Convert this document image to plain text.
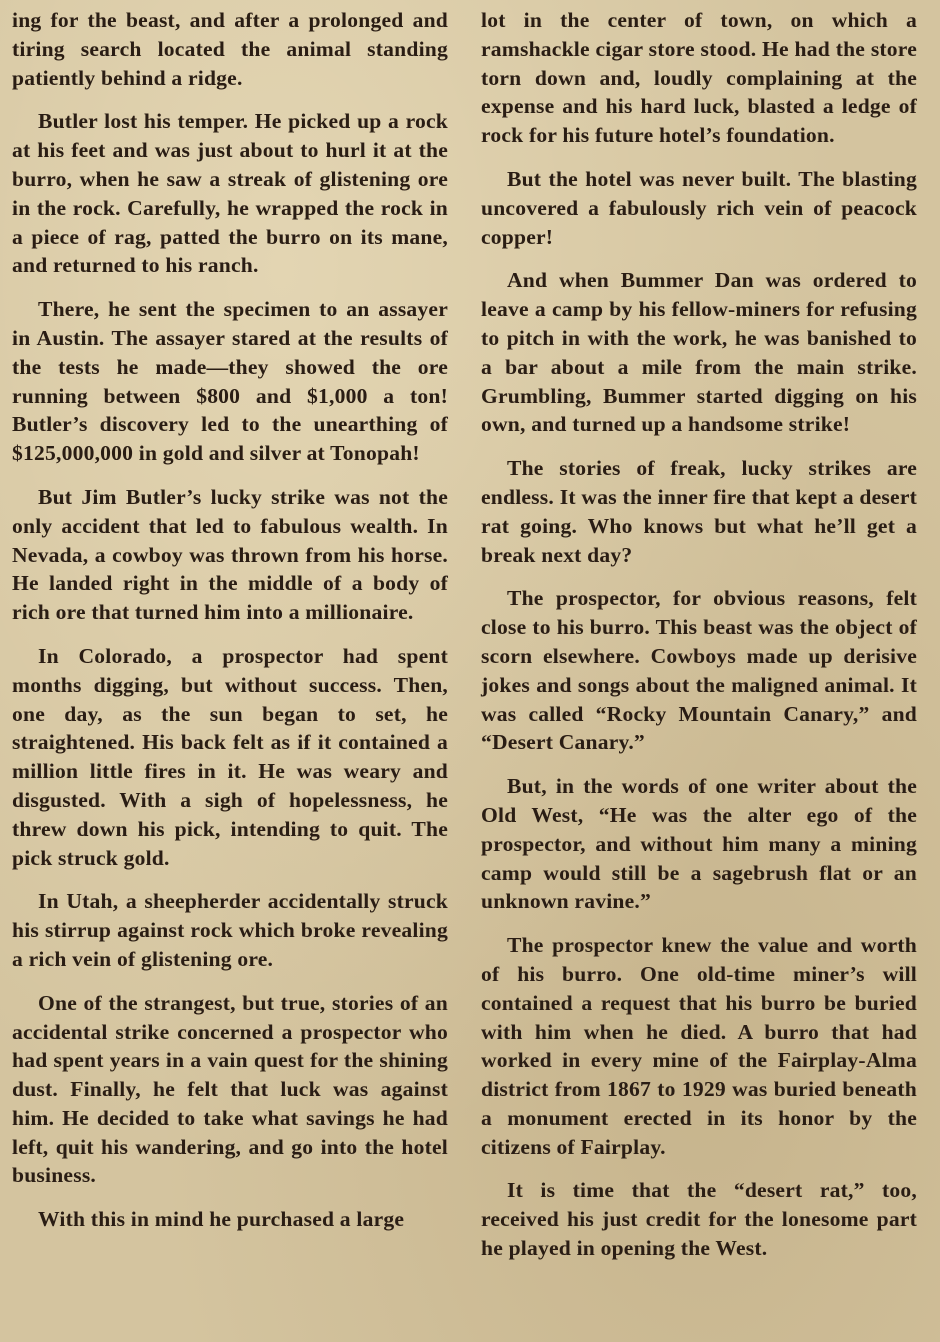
ing for the beast, and after a prolonged and tiring search located the animal standing patiently behind a ridge.

Butler lost his temper. He picked up a rock at his feet and was just about to hurl it at the burro, when he saw a streak of glistening ore in the rock. Carefully, he wrapped the rock in a piece of rag, patted the burro on its mane, and returned to his ranch.

There, he sent the specimen to an assayer in Austin. The assayer stared at the results of the tests he made—they showed the ore running between $800 and $1,000 a ton! Butler’s discovery led to the unearthing of $125,000,000 in gold and silver at Tonopah!

But Jim Butler’s lucky strike was not the only accident that led to fabulous wealth. In Nevada, a cowboy was thrown from his horse. He landed right in the middle of a body of rich ore that turned him into a millionaire.

In Colorado, a prospector had spent months digging, but without success. Then, one day, as the sun began to set, he straightened. His back felt as if it contained a million little fires in it. He was weary and disgusted. With a sigh of hopelessness, he threw down his pick, intending to quit. The pick struck gold.

In Utah, a sheepherder accidentally struck his stirrup against rock which broke revealing a rich vein of glistening ore.

One of the strangest, but true, stories of an accidental strike concerned a prospector who had spent years in a vain quest for the shining dust. Finally, he felt that luck was against him. He decided to take what savings he had left, quit his wandering, and go into the hotel business.

With this in mind he purchased a large

lot in the center of town, on which a ramshackle cigar store stood. He had the store torn down and, loudly complaining at the expense and his hard luck, blasted a ledge of rock for his future hotel’s foundation.

But the hotel was never built. The blasting uncovered a fabulously rich vein of peacock copper!

And when Bummer Dan was ordered to leave a camp by his fellow-miners for refusing to pitch in with the work, he was banished to a bar about a mile from the main strike. Grumbling, Bummer started digging on his own, and turned up a handsome strike!

The stories of freak, lucky strikes are endless. It was the inner fire that kept a desert rat going. Who knows but what he’ll get a break next day?

The prospector, for obvious reasons, felt close to his burro. This beast was the object of scorn elsewhere. Cowboys made up derisive jokes and songs about the maligned animal. It was called “Rocky Mountain Canary,” and “Desert Canary.”

But, in the words of one writer about the Old West, “He was the alter ego of the prospector, and without him many a mining camp would still be a sagebrush flat or an unknown ravine.”

The prospector knew the value and worth of his burro. One old-time miner’s will contained a request that his burro be buried with him when he died. A burro that had worked in every mine of the Fairplay-Alma district from 1867 to 1929 was buried beneath a monument erected in its honor by the citizens of Fairplay.

It is time that the “desert rat,” too, received his just credit for the lonesome part he played in opening the West.
